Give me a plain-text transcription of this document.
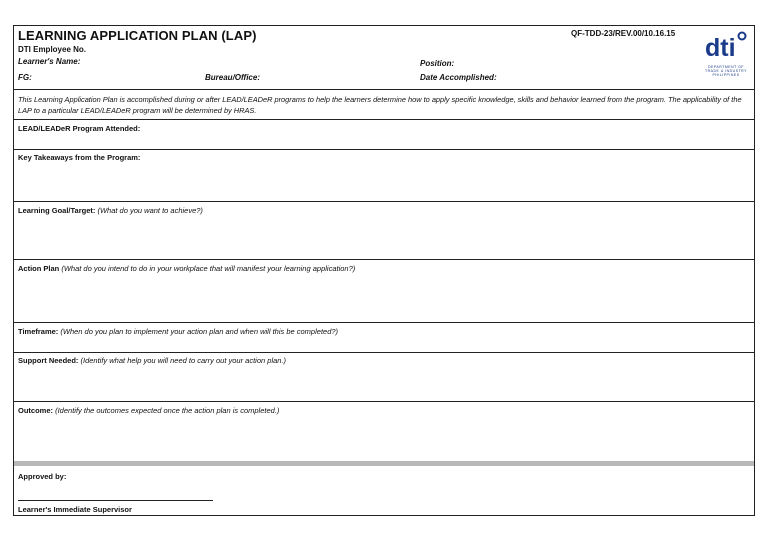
LEARNING APPLICATION PLAN (LAP)	QF-TDD-23/REV.00/10.16.15
dti
DEPARTMENT OF
TRADE & INDUSTRY
PHILIPPINES
DTI Employee No.
Learner's Name:	Position:
FG:	Bureau/Office:	Date Accomplished:
This Learning Application Plan is accomplished during or after LEAD/LEADeR programs to help the learners determine how to apply specific knowledge, skills and behavior learned from the program. The applicability of the LAP to a particular LEAD/LEADeR program will be determined by HRAS.
LEAD/LEADeR Program Attended:
Key Takeaways from the Program:
Learning Goal/Target: (What do you want to achieve?)
Action Plan (What do you intend to do in your workplace that will manifest your learning application?)
Timeframe: (When do you plan to implement your action plan and when will this be completed?)
Support Needed: (Identify what help you will need to carry out your action plan.)
Outcome: (Identify the outcomes expected once the action plan is completed.)
Approved by:
Learner's Immediate Supervisor
